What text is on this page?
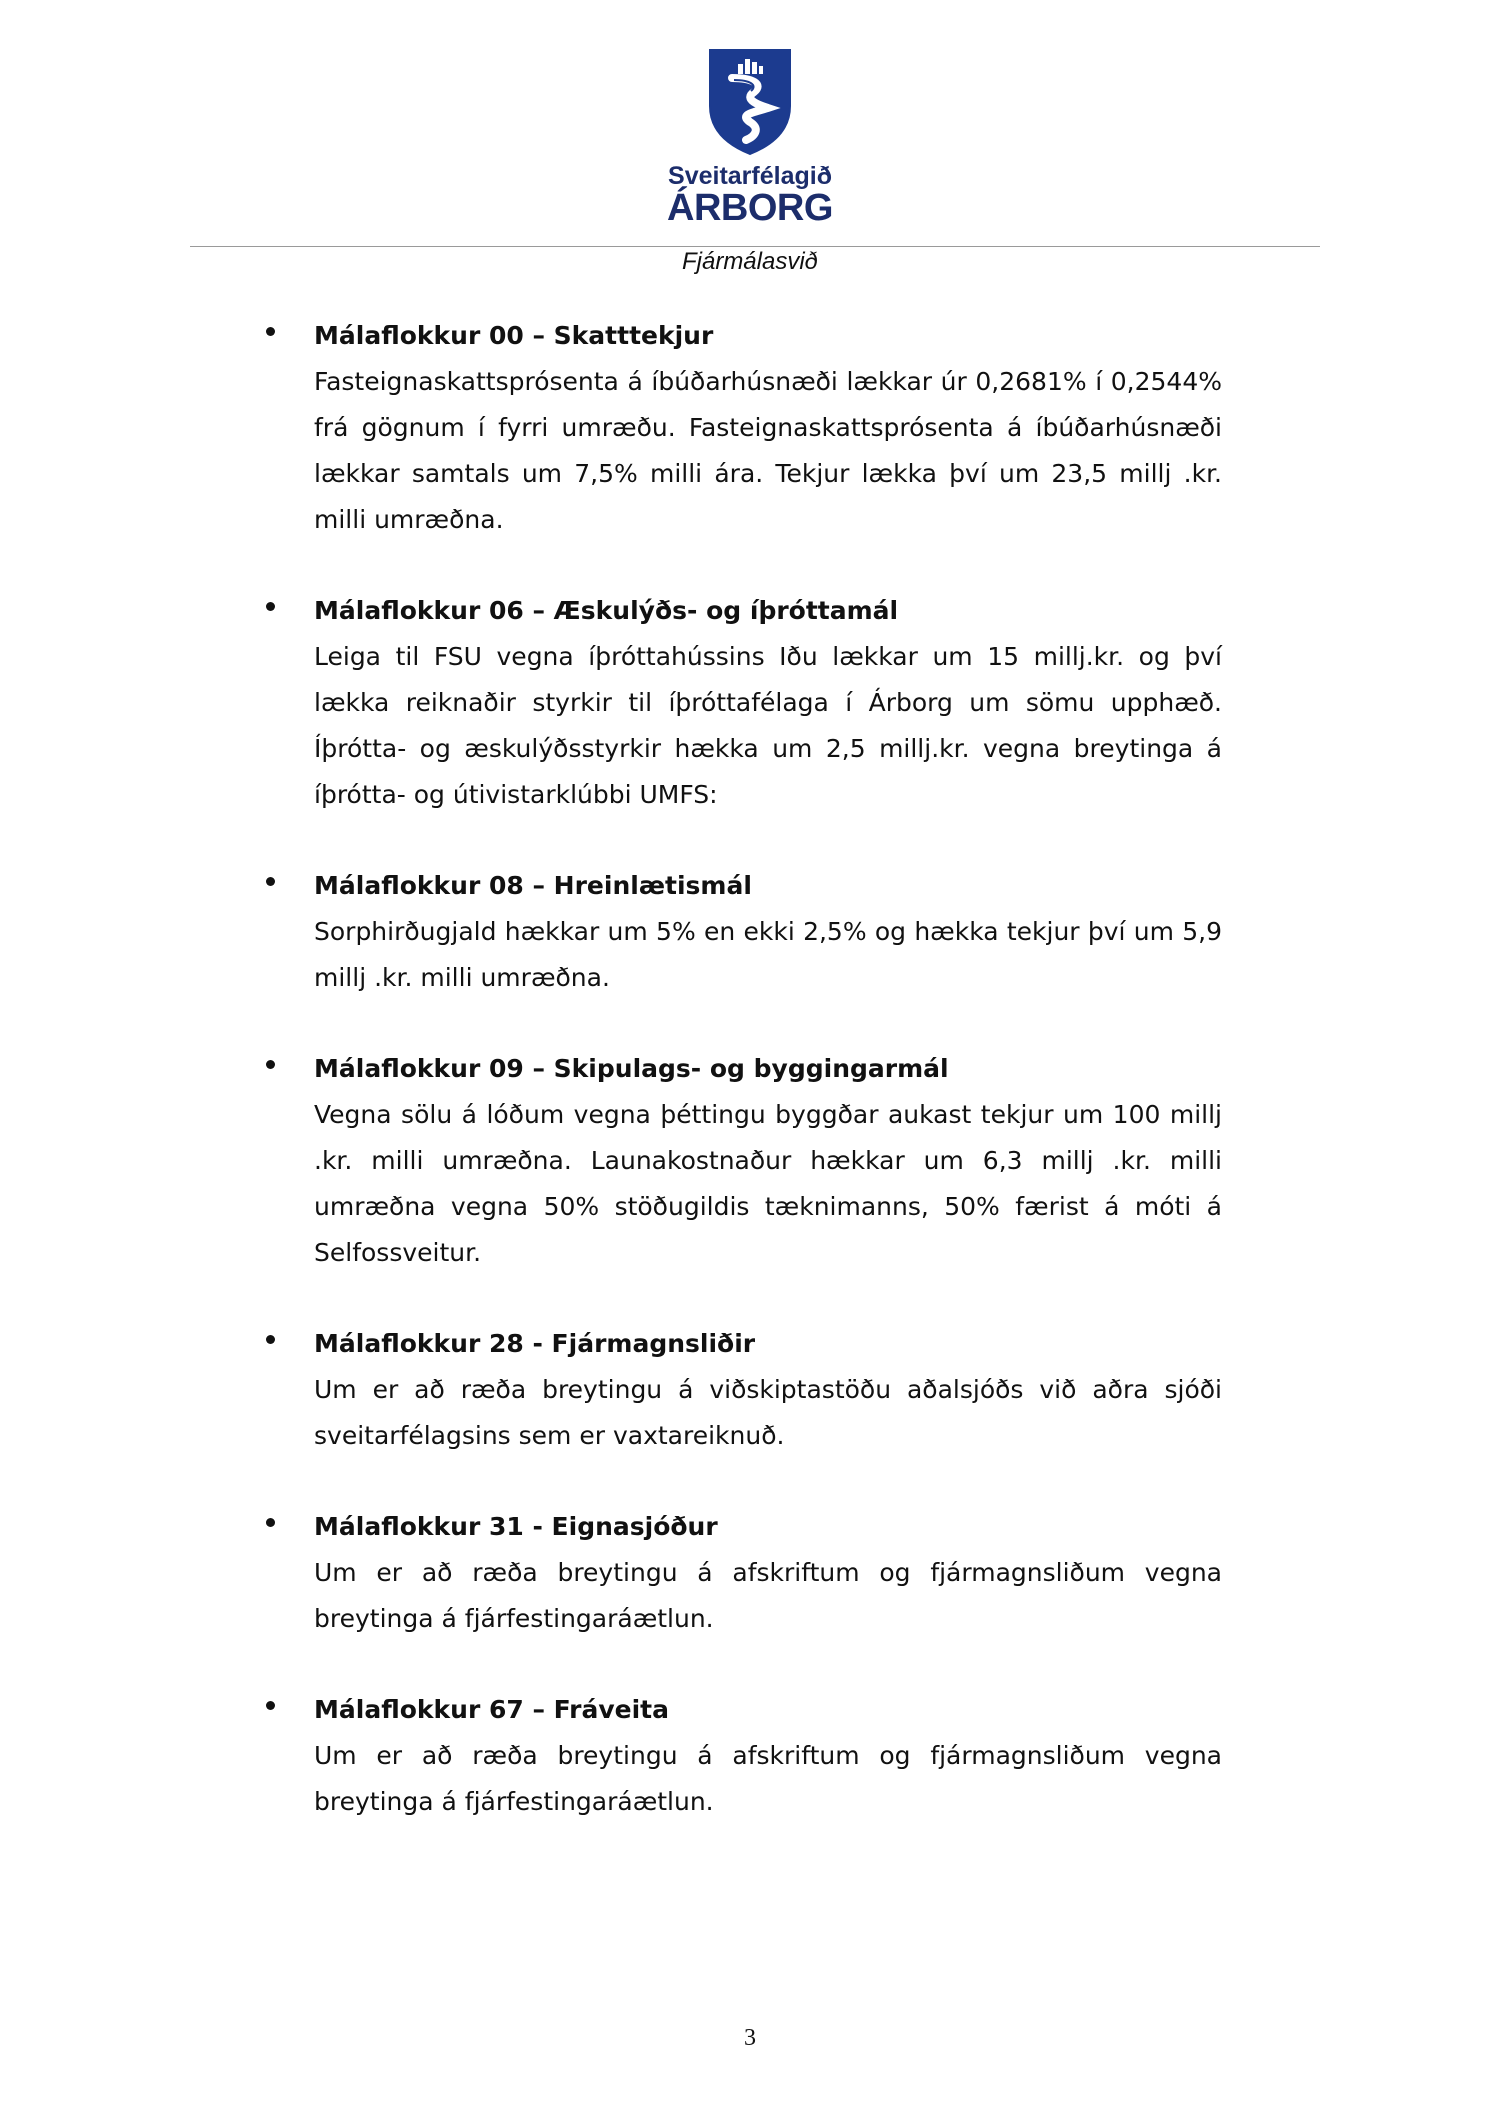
Sveitarfélagið
ÁRBORG
Fjármálasvið
Málaflokkur 00 – Skatttekjur
Fasteignaskattsprósenta á íbúðarhúsnæði lækkar úr 0,2681% í 0,2544% frá gögnum í fyrri umræðu. Fasteignaskattsprósenta á íbúðarhúsnæði lækkar samtals um 7,5% milli ára. Tekjur lækka því um 23,5 millj .kr. milli umræðna.
Málaflokkur 06 – Æskulýðs- og íþróttamál
Leiga til FSU vegna íþróttahússins Iðu lækkar um 15 millj.kr. og því lækka reiknaðir styrkir til íþróttafélaga í Árborg um sömu upphæð. Íþrótta- og æskulýðsstyrkir hækka um 2,5 millj.kr. vegna breytinga á íþrótta- og útivistarklúbbi UMFS:
Málaflokkur 08 – Hreinlætismál
Sorphirðugjald hækkar um 5% en ekki 2,5% og hækka tekjur því um 5,9 millj .kr. milli umræðna.
Málaflokkur 09 – Skipulags- og byggingarmál
Vegna sölu á lóðum vegna þéttingu byggðar aukast tekjur um 100 millj .kr. milli umræðna. Launakostnaður hækkar um 6,3 millj .kr. milli umræðna vegna 50% stöðugildis tæknimanns, 50% færist á móti á Selfossveitur.
Málaflokkur 28 - Fjármagnsliðir
Um er að ræða breytingu á viðskiptastöðu aðalsjóðs við aðra sjóði sveitarfélagsins sem er vaxtareiknuð.
Málaflokkur 31 - Eignasjóður
Um er að ræða breytingu á afskriftum og fjármagnsliðum vegna breytinga á fjárfestingaráætlun.
Málaflokkur 67 – Fráveita
Um er að ræða breytingu á afskriftum og fjármagnsliðum vegna breytinga á fjárfestingaráætlun.
3
